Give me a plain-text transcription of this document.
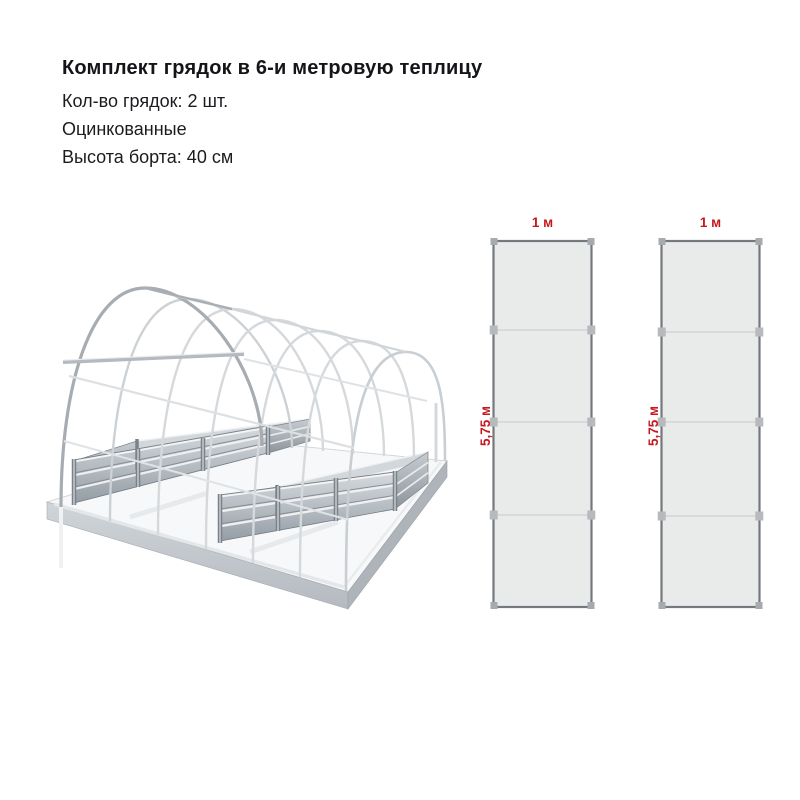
Комплект грядок в 6-и метровую теплицу
Кол-во грядок: 2 шт.
Оцинкованные
Высота борта: 40 см
1 м
5,75 м
1 м
5,75 м
